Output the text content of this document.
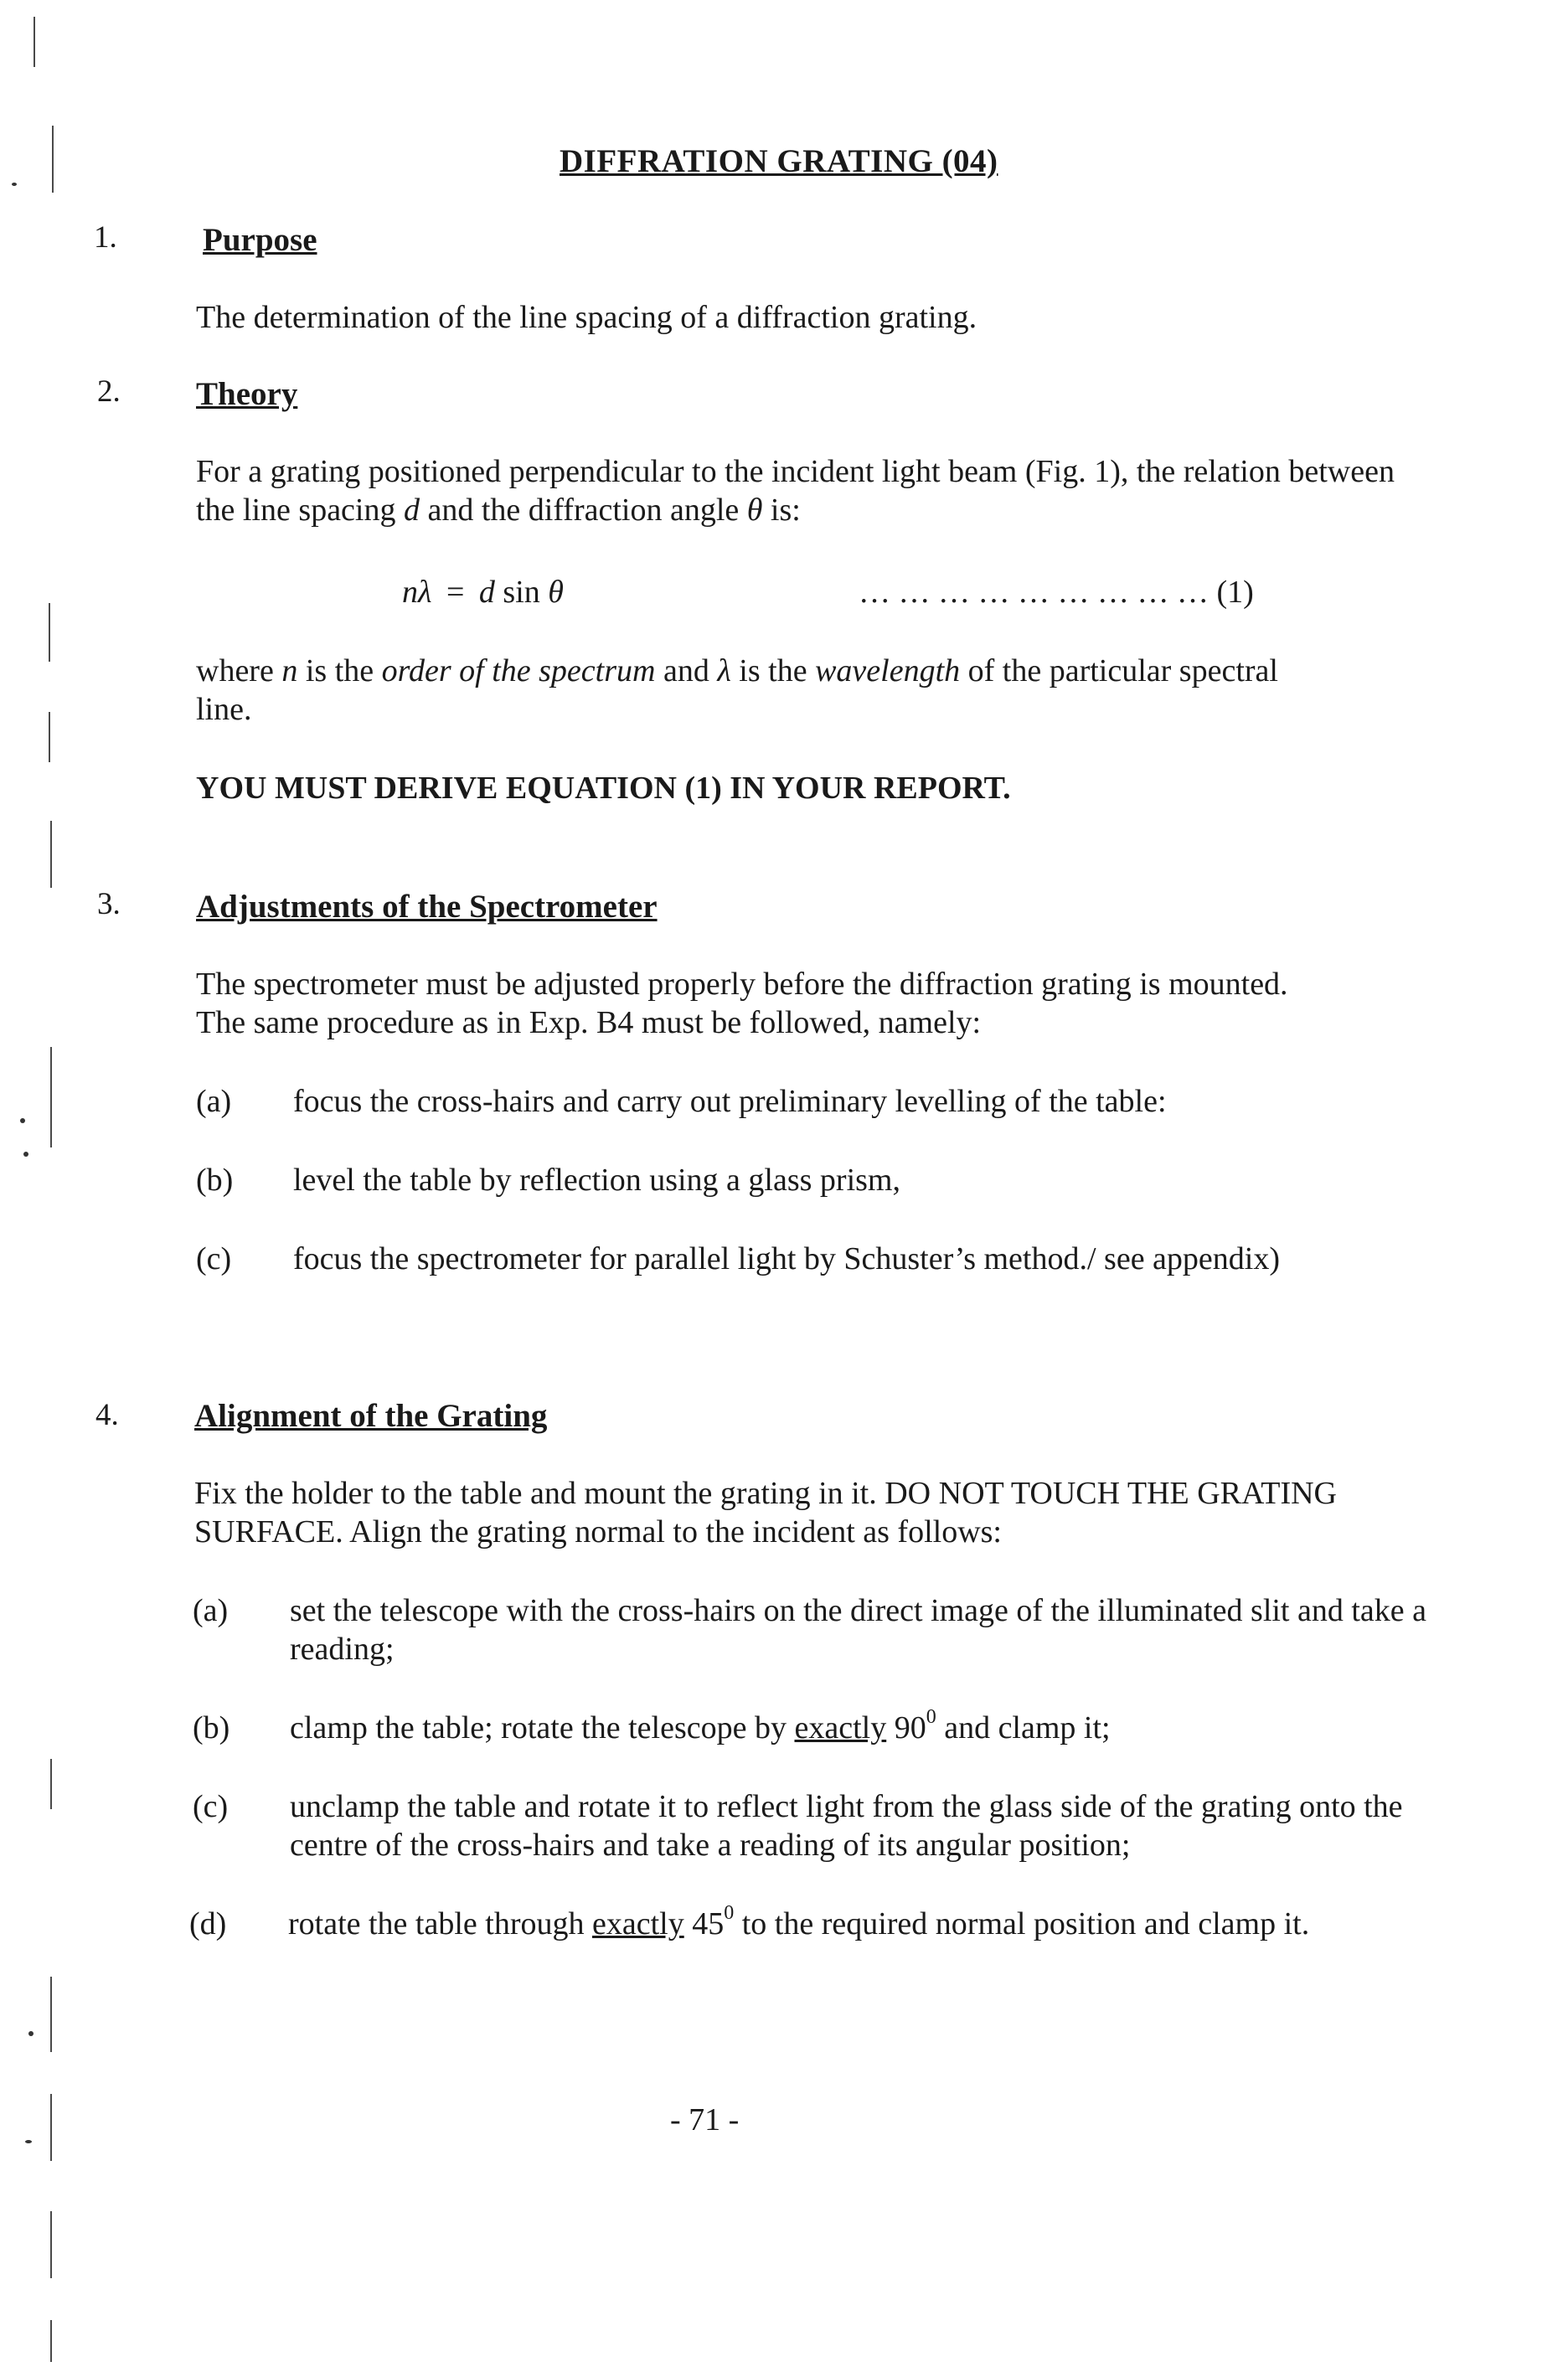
DIFFRATION GRATING (04)
1.	Purpose
The determination of the line spacing of a diffraction grating.
2. Theory
For a grating positioned perpendicular to the incident light beam (Fig. 1), the relation between
the line spacing d and the diffraction angle θ is:
nλ = d sin θ	… … … … … … … … … (1)
where n is the order of the spectrum and λ is the wavelength of the particular spectral
line.
YOU MUST DERIVE EQUATION (1) IN YOUR REPORT.
3. Adjustments of the Spectrometer
The spectrometer must be adjusted properly before the diffraction grating is mounted.
The same procedure as in Exp. B4 must be followed, namely:
(a) focus the cross-hairs and carry out preliminary levelling of the table:
(b) level the table by reflection using a glass prism,
(c) focus the spectrometer for parallel light by Schuster’s method./ see appendix)
4. Alignment of the Grating
Fix the holder to the table and mount the grating in it. DO NOT TOUCH THE GRATING
SURFACE. Align the grating normal to the incident as follows:
(a) set the telescope with the cross-hairs on the direct image of the illuminated slit and take a
reading;
(b) clamp the table; rotate the telescope by exactly $90^0$ and clamp it;
(c) unclamp the table and rotate it to reflect light from the glass side of the grating onto the
centre of the cross-hairs and take a reading of its angular position;
(d) rotate the table through exactly $45^0$ to the required normal position and clamp it.
- 71 -
